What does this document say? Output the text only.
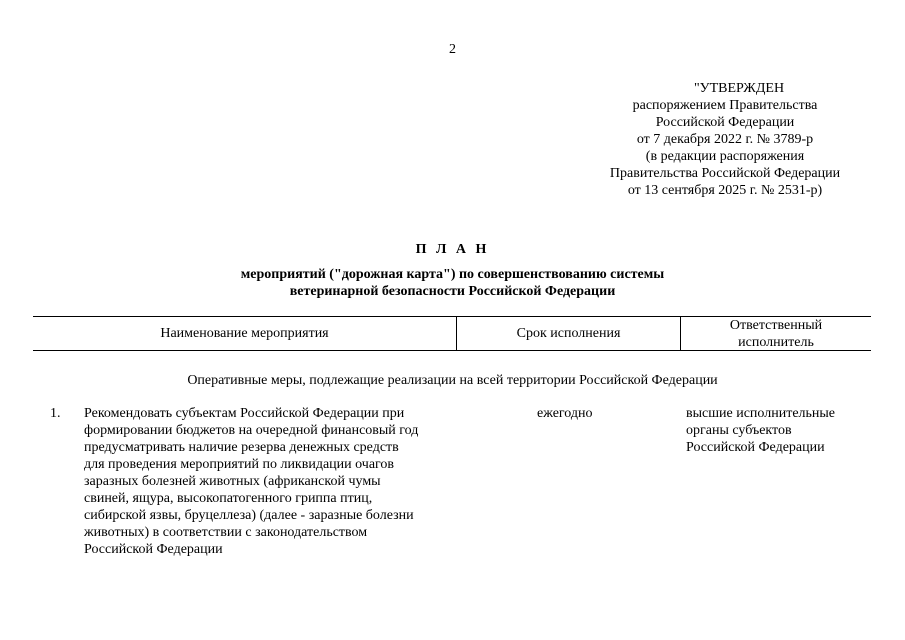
2
"УТВЕРЖДЕН
распоряжением Правительства
Российской Федерации
от 7 декабря 2022 г. № 3789-р
(в редакции распоряжения
Правительства Российской Федерации
от 13 сентября 2025 г. № 2531-р)
П Л А Н
мероприятий ("дорожная карта") по совершенствованию системы
ветеринарной безопасности Российской Федерации
Наименование мероприятия	Срок исполнения
Ответственный
исполнитель
Оперативные меры, подлежащие реализации на всей территории Российской Федерации
1. Рекомендовать субъектам Российской Федерации при
формировании бюджетов на очередной финансовый год
предусматривать наличие резерва денежных средств
для проведения мероприятий по ликвидации очагов
заразных болезней животных (африканской чумы
свиней, ящура, высокопатогенного гриппа птиц,
сибирской язвы, бруцеллеза) (далее - заразные болезни
животных) в соответствии с законодательством
Российской Федерации
ежегодно	высшие исполнительные
органы субъектов
Российской Федерации
